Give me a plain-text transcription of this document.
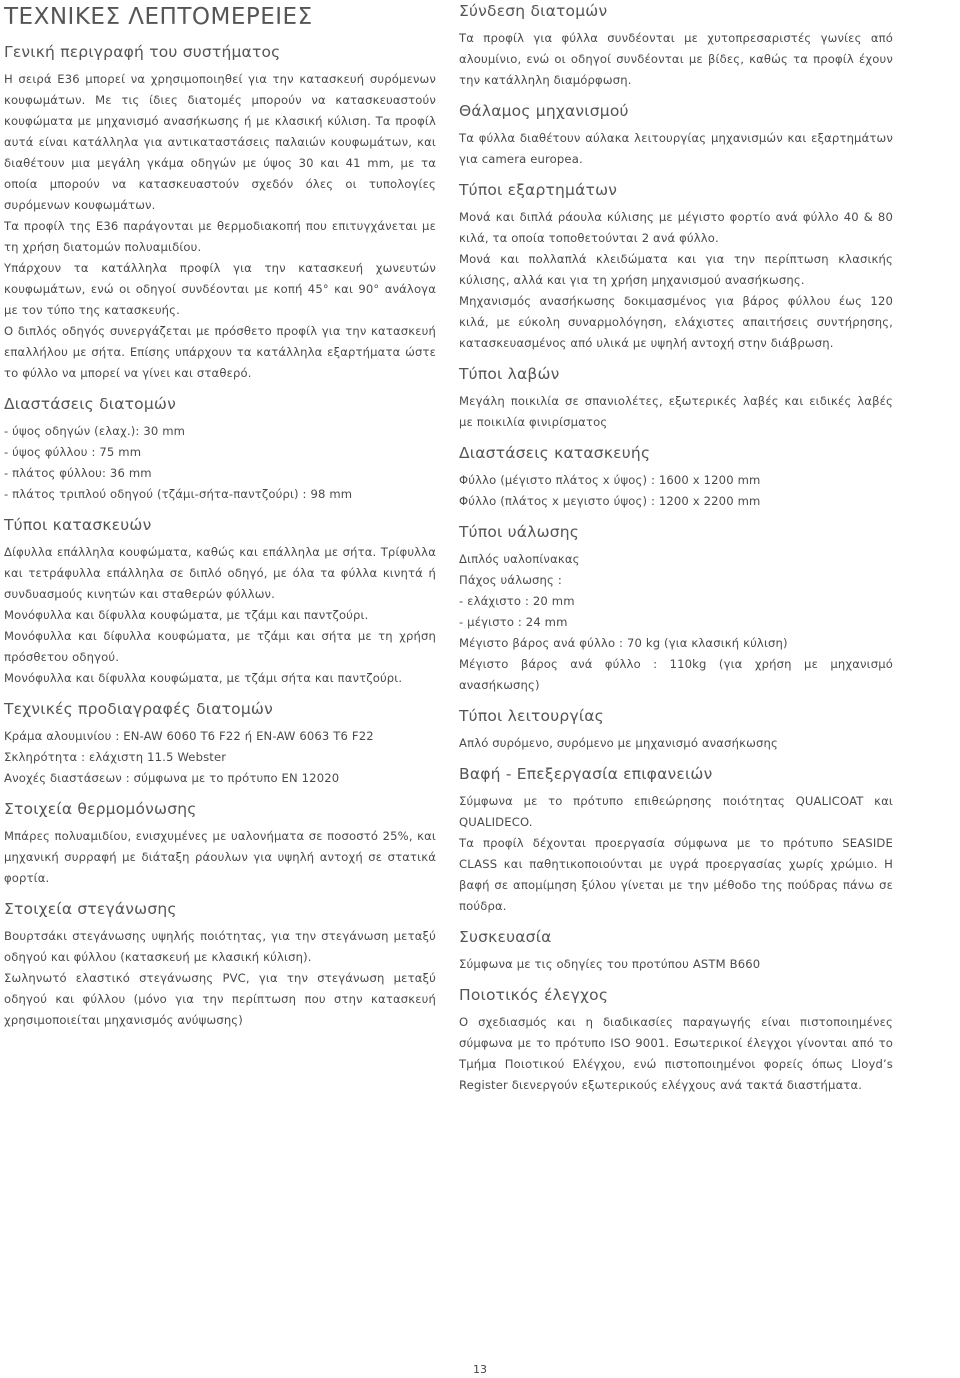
ΤΕΧΝΙΚΕΣ ΛΕΠΤΟΜΕΡΕΙΕΣ
Γενική περιγραφή του συστήματος

Η σειρά E36 μπορεί να χρησιμοποιηθεί για την κατασκευή συρόμενων κουφωμάτων. Με τις ίδιες διατομές μπορούν να κατασκευαστούν κουφώματα με μηχανισμό ανασήκωσης ή με κλασική κύλιση. Τα προφίλ αυτά είναι κατάλληλα για αντικαταστάσεις παλαιών κουφωμάτων, και διαθέτουν μια μεγάλη γκάμα οδηγών με ύψος 30 και 41 mm, με τα οποία μπορούν να κατασκευαστούν σχεδόν όλες οι τυπολογίες συρόμενων κουφωμάτων.

Τα προφίλ της E36 παράγονται με θερμοδιακοπή που επιτυγχάνεται με τη χρήση διατομών πολυαμιδίου.

Υπάρχουν τα κατάλληλα προφίλ για την κατασκευή χωνευτών κουφωμάτων, ενώ οι οδηγοί συνδέονται με κοπή 45° και 90° ανάλογα με τον τύπο της κατασκευής.

Ο διπλός οδηγός συνεργάζεται με πρόσθετο προφίλ για την κατασκευή επαλλήλου με σήτα. Επίσης υπάρχουν τα κατάλληλα εξαρτήματα ώστε το φύλλο να μπορεί να γίνει και σταθερό.

Διαστάσεις διατομών

- ύψος οδηγών (ελαχ.): 30 mm

- ύψος φύλλου : 75 mm

- πλάτος φύλλου: 36 mm

- πλάτος τριπλού οδηγού (τζάμι-σήτα-παντζούρι) : 98 mm

Τύποι κατασκευών

Δίφυλλα επάλληλα κουφώματα, καθώς και επάλληλα με σήτα. Τρίφυλλα και τετράφυλλα επάλληλα σε διπλό οδηγό, με όλα τα φύλλα κινητά ή συνδυασμούς κινητών και σταθερών φύλλων.

Μονόφυλλα και δίφυλλα κουφώματα, με τζάμι και παντζούρι.

Μονόφυλλα και δίφυλλα κουφώματα, με τζάμι και σήτα με τη χρήση πρόσθετου οδηγού.

Μονόφυλλα και δίφυλλα κουφώματα, με τζάμι σήτα και παντζούρι.

Τεχνικές προδιαγραφές διατομών

Κράμα αλουμινίου : EN-AW 6060 T6 F22 ή EN-AW 6063 T6 F22

Σκληρότητα : ελάχιστη 11.5 Webster

Ανοχές διαστάσεων : σύμφωνα με το πρότυπο EN 12020

Στοιχεία θερμομόνωσης

Μπάρες πολυαμιδίου, ενισχυμένες με υαλονήματα σε ποσοστό 25%, και μηχανική συρραφή με διάταξη ράουλων για υψηλή αντοχή σε στατικά φορτία.

Στοιχεία στεγάνωσης

Βουρτσάκι στεγάνωσης υψηλής ποιότητας, για την στεγάνωση μεταξύ οδηγού και φύλλου (κατασκευή με κλασική κύλιση).

Σωληνωτό ελαστικό στεγάνωσης PVC, για την στεγάνωση μεταξύ οδηγού και φύλλου (μόνο για την περίπτωση που στην κατασκευή χρησιμοποιείται μηχανισμός ανύψωσης)

Σύνδεση διατομών

Τα προφίλ για φύλλα συνδέονται με χυτοπρεσαριστές γωνίες από αλουμίνιο, ενώ οι οδηγοί συνδέονται με βίδες, καθώς τα προφίλ έχουν την κατάλληλη διαμόρφωση.

Θάλαμος μηχανισμού

Τα φύλλα διαθέτουν αύλακα λειτουργίας μηχανισμών και εξαρτημάτων για camera europea.

Τύποι εξαρτημάτων

Μονά και διπλά ράουλα κύλισης με μέγιστο φορτίο ανά φύλλο 40 & 80 κιλά, τα οποία τοποθετούνται 2 ανά φύλλο.

Μονά και πολλαπλά κλειδώματα και για την περίπτωση κλασικής κύλισης, αλλά και για τη χρήση μηχανισμού ανασήκωσης.

Μηχανισμός ανασήκωσης δοκιμασμένος για βάρος φύλλου έως 120 κιλά, με εύκολη συναρμολόγηση, ελάχιστες απαιτήσεις συντήρησης, κατασκευασμένος από υλικά με υψηλή αντοχή στην διάβρωση.

Τύποι λαβών

Μεγάλη ποικιλία σε σπανιολέτες, εξωτερικές λαβές και ειδικές λαβές με ποικιλία φινιρίσματος

Διαστάσεις κατασκευής

Φύλλο (μέγιστο πλάτος x ύψος) : 1600 x 1200 mm

Φύλλο (πλάτος x μεγιστο ύψος) : 1200 x 2200 mm

Τύποι υάλωσης

Διπλός υαλοπίνακας

Πάχος υάλωσης :

- ελάχιστο : 20 mm

- μέγιστο : 24 mm

Μέγιστο βάρος ανά φύλλο : 70 kg (για κλασική κύλιση)

Μέγιστο βάρος ανά φύλλο : 110kg (για χρήση με μηχανισμό ανασήκωσης)

Τύποι λειτουργίας

Απλό συρόμενο, συρόμενο με μηχανισμό ανασήκωσης

Βαφή - Επεξεργασία επιφανειών

Σύμφωνα με το πρότυπο επιθεώρησης ποιότητας QUALICOAT και QUALIDECO.

Τα προφίλ δέχονται προεργασία σύμφωνα με το πρότυπο SEASIDE CLASS και παθητικοποιούνται με υγρά προεργασίας χωρίς χρώμιο. Η βαφή σε απομίμηση ξύλου γίνεται με την μέθοδο της πούδρας πάνω σε πούδρα.

Συσκευασία

Σύμφωνα με τις οδηγίες του προτύπου ASTM B660

Ποιοτικός έλεγχος

Ο σχεδιασμός και η διαδικασίες παραγωγής είναι πιστοποιημένες σύμφωνα με το πρότυπο ISO 9001. Εσωτερικοί έλεγχοι γίνονται από το Τμήμα Ποιοτικού Ελέγχου, ενώ πιστοποιημένοι φορείς όπως Lloyd’s Register διενεργούν εξωτερικούς ελέγχους ανά τακτά διαστήματα.

13
